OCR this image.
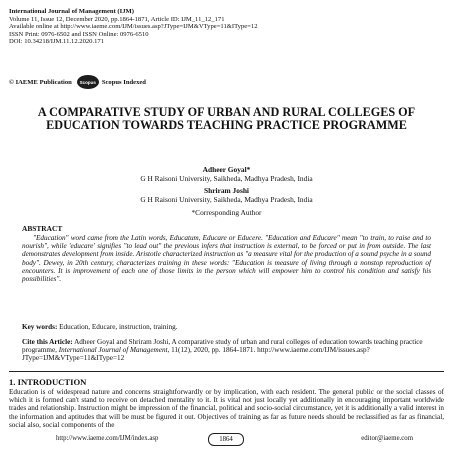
International Journal of Management (IJM)
Volume 11, Issue 12, December 2020, pp.1864-1871, Article ID: IJM_11_12_171
Available online at http://www.iaeme.com/IJM/issues.asp?JType=IJM&VType=11&IType=12
ISSN Print: 0976-6502 and ISSN Online: 0976-6510
DOI: 10.34218/IJM.11.12.2020.171
© IAEME Publication	Scopus Scopus Indexed
A COMPARATIVE STUDY OF URBAN AND RURAL COLLEGES OF EDUCATION TOWARDS TEACHING PRACTICE PROGRAMME
Adheer Goyal*
G H Raisoni University, Saikheda, Madhya Pradesh, India
Shriram Joshi
G H Raisoni University, Saikheda, Madhya Pradesh, India
*Corresponding Author
ABSTRACT
"Education" word came from the Latin words, Educatum, Educare or Educere. "Education and Educare" mean "to train, to raise and to nourish", while 'educare' signifies "to lead out" the previous infers that instruction is external, to be forced or put in from outside. The last demonstrates development from inside. Aristotle characterized instruction as "a measure vital for the production of a sound psyche in a sound body". Dewey, in 20th century, characterizes training in these words: "Education is measure of living through a nonstop reproduction of encounters. It is improvement of each one of those limits in the person which will empower him to control his condition and satisfy his possibilities".
Key words: Education, Educare, instruction, training.
Cite this Article: Adheer Goyal and Shriram Joshi, A comparative study of urban and rural colleges of education towards teaching practice programme, International Journal of Management, 11(12), 2020, pp. 1864-1871. http://www.iaeme.com/IJM/issues.asp?JType=IJM&VType=11&IType=12
1. INTRODUCTION
Education is of widespread nature and concerns straightforwardly or by implication, with each resident. The general public or the social classes of which it is formed can't stand to receive on detached mentality to it. It is vital not just locally yet additionally in encouraging important worldwide trades and relationship. Instruction might be impression of the financial, political and socio-social circumstance, yet it is additionally a valid interest in the information and aptitudes that will be must be figured it out. Objectives of training as far as future needs should be reclassified as far as financial, social also, social components of the
http://www.iaeme.com/IJM/index.asp	1864	editor@iaeme.com
